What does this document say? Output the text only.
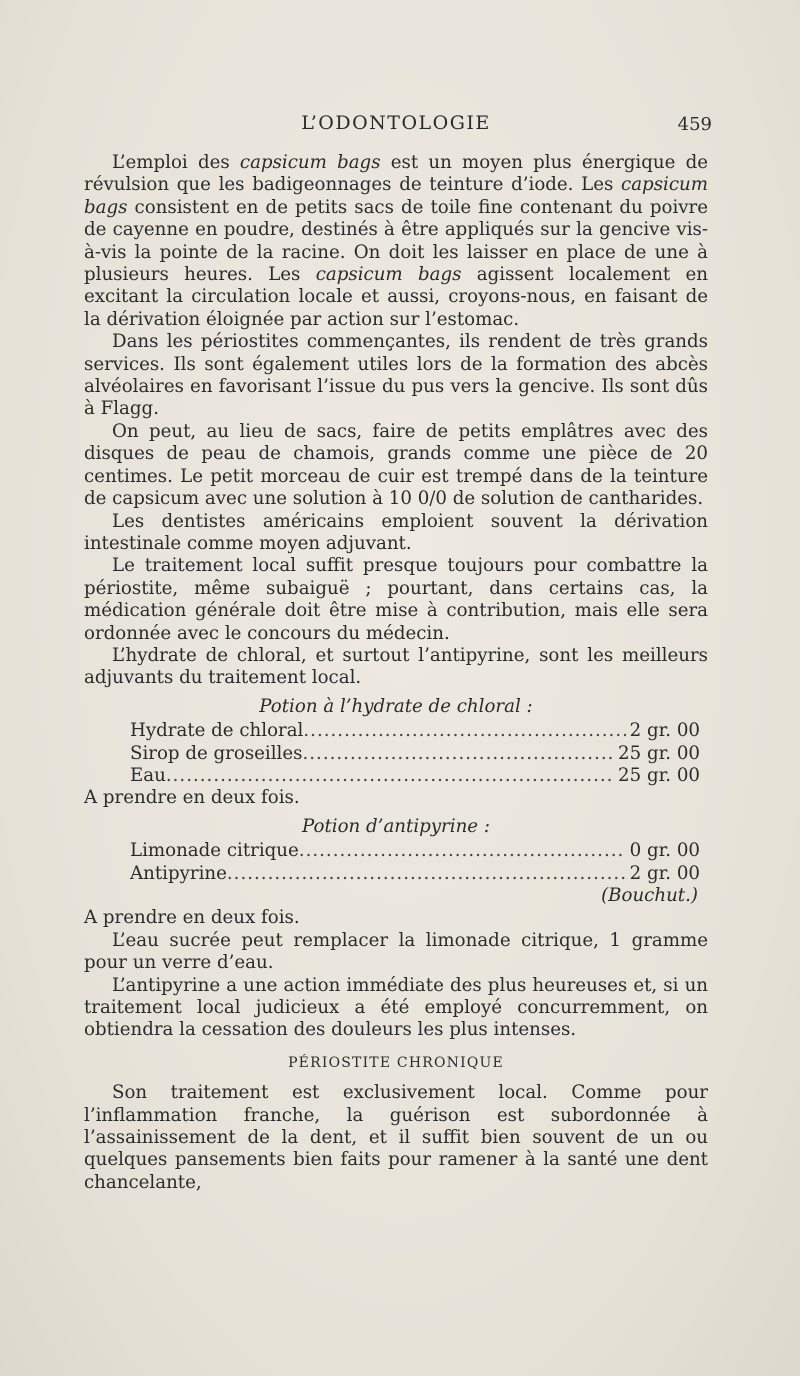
L’ODONTOLOGIE	459

L’emploi des capsicum bags est un moyen plus énergique de révulsion que les badigeonnages de teinture d’iode. Les capsicum bags consistent en de petits sacs de toile fine contenant du poivre de cayenne en poudre, destinés à être appliqués sur la gencive vis-à-vis la pointe de la racine. On doit les laisser en place de une à plusieurs heures. Les capsicum bags agissent localement en excitant la circulation locale et aussi, croyons-nous, en faisant de la dérivation éloignée par action sur l’estomac.

Dans les périostites commençantes, ils rendent de très grands services. Ils sont également utiles lors de la formation des abcès alvéolaires en favorisant l’issue du pus vers la gencive. Ils sont dûs à Flagg.

On peut, au lieu de sacs, faire de petits emplâtres avec des disques de peau de chamois, grands comme une pièce de 20 centimes. Le petit morceau de cuir est trempé dans de la teinture de capsicum avec une solution à 10 0/0 de solution de cantharides.

Les dentistes américains emploient souvent la dérivation intestinale comme moyen adjuvant.

Le traitement local suffit presque toujours pour combattre la périostite, même subaiguë ; pourtant, dans certains cas, la médication générale doit être mise à contribution, mais elle sera ordonnée avec le concours du médecin.

L’hydrate de chloral, et surtout l’antipyrine, sont les meilleurs adjuvants du traitement local.

Potion à l’hydrate de chloral :

Hydrate de chloral .....	2 gr. 00
Sirop de groseilles .....	25 gr. 00
Eau .....	25 gr. 00

A prendre en deux fois.

Potion d’antipyrine :

Limonade citrique .....	0 gr. 00
Antipyrine .....	2 gr. 00
(Bouchut.)

A prendre en deux fois.

L’eau sucrée peut remplacer la limonade citrique, 1 gramme pour un verre d’eau.

L’antipyrine a une action immédiate des plus heureuses et, si un traitement local judicieux a été employé concurremment, on obtiendra la cessation des douleurs les plus intenses.

PÉRIOSTITE CHRONIQUE

Son traitement est exclusivement local. Comme pour l’inflammation franche, la guérison est subordonnée à l’assainissement de la dent, et il suffit bien souvent de un ou quelques pansements bien faits pour ramener à la santé une dent chancelante,
